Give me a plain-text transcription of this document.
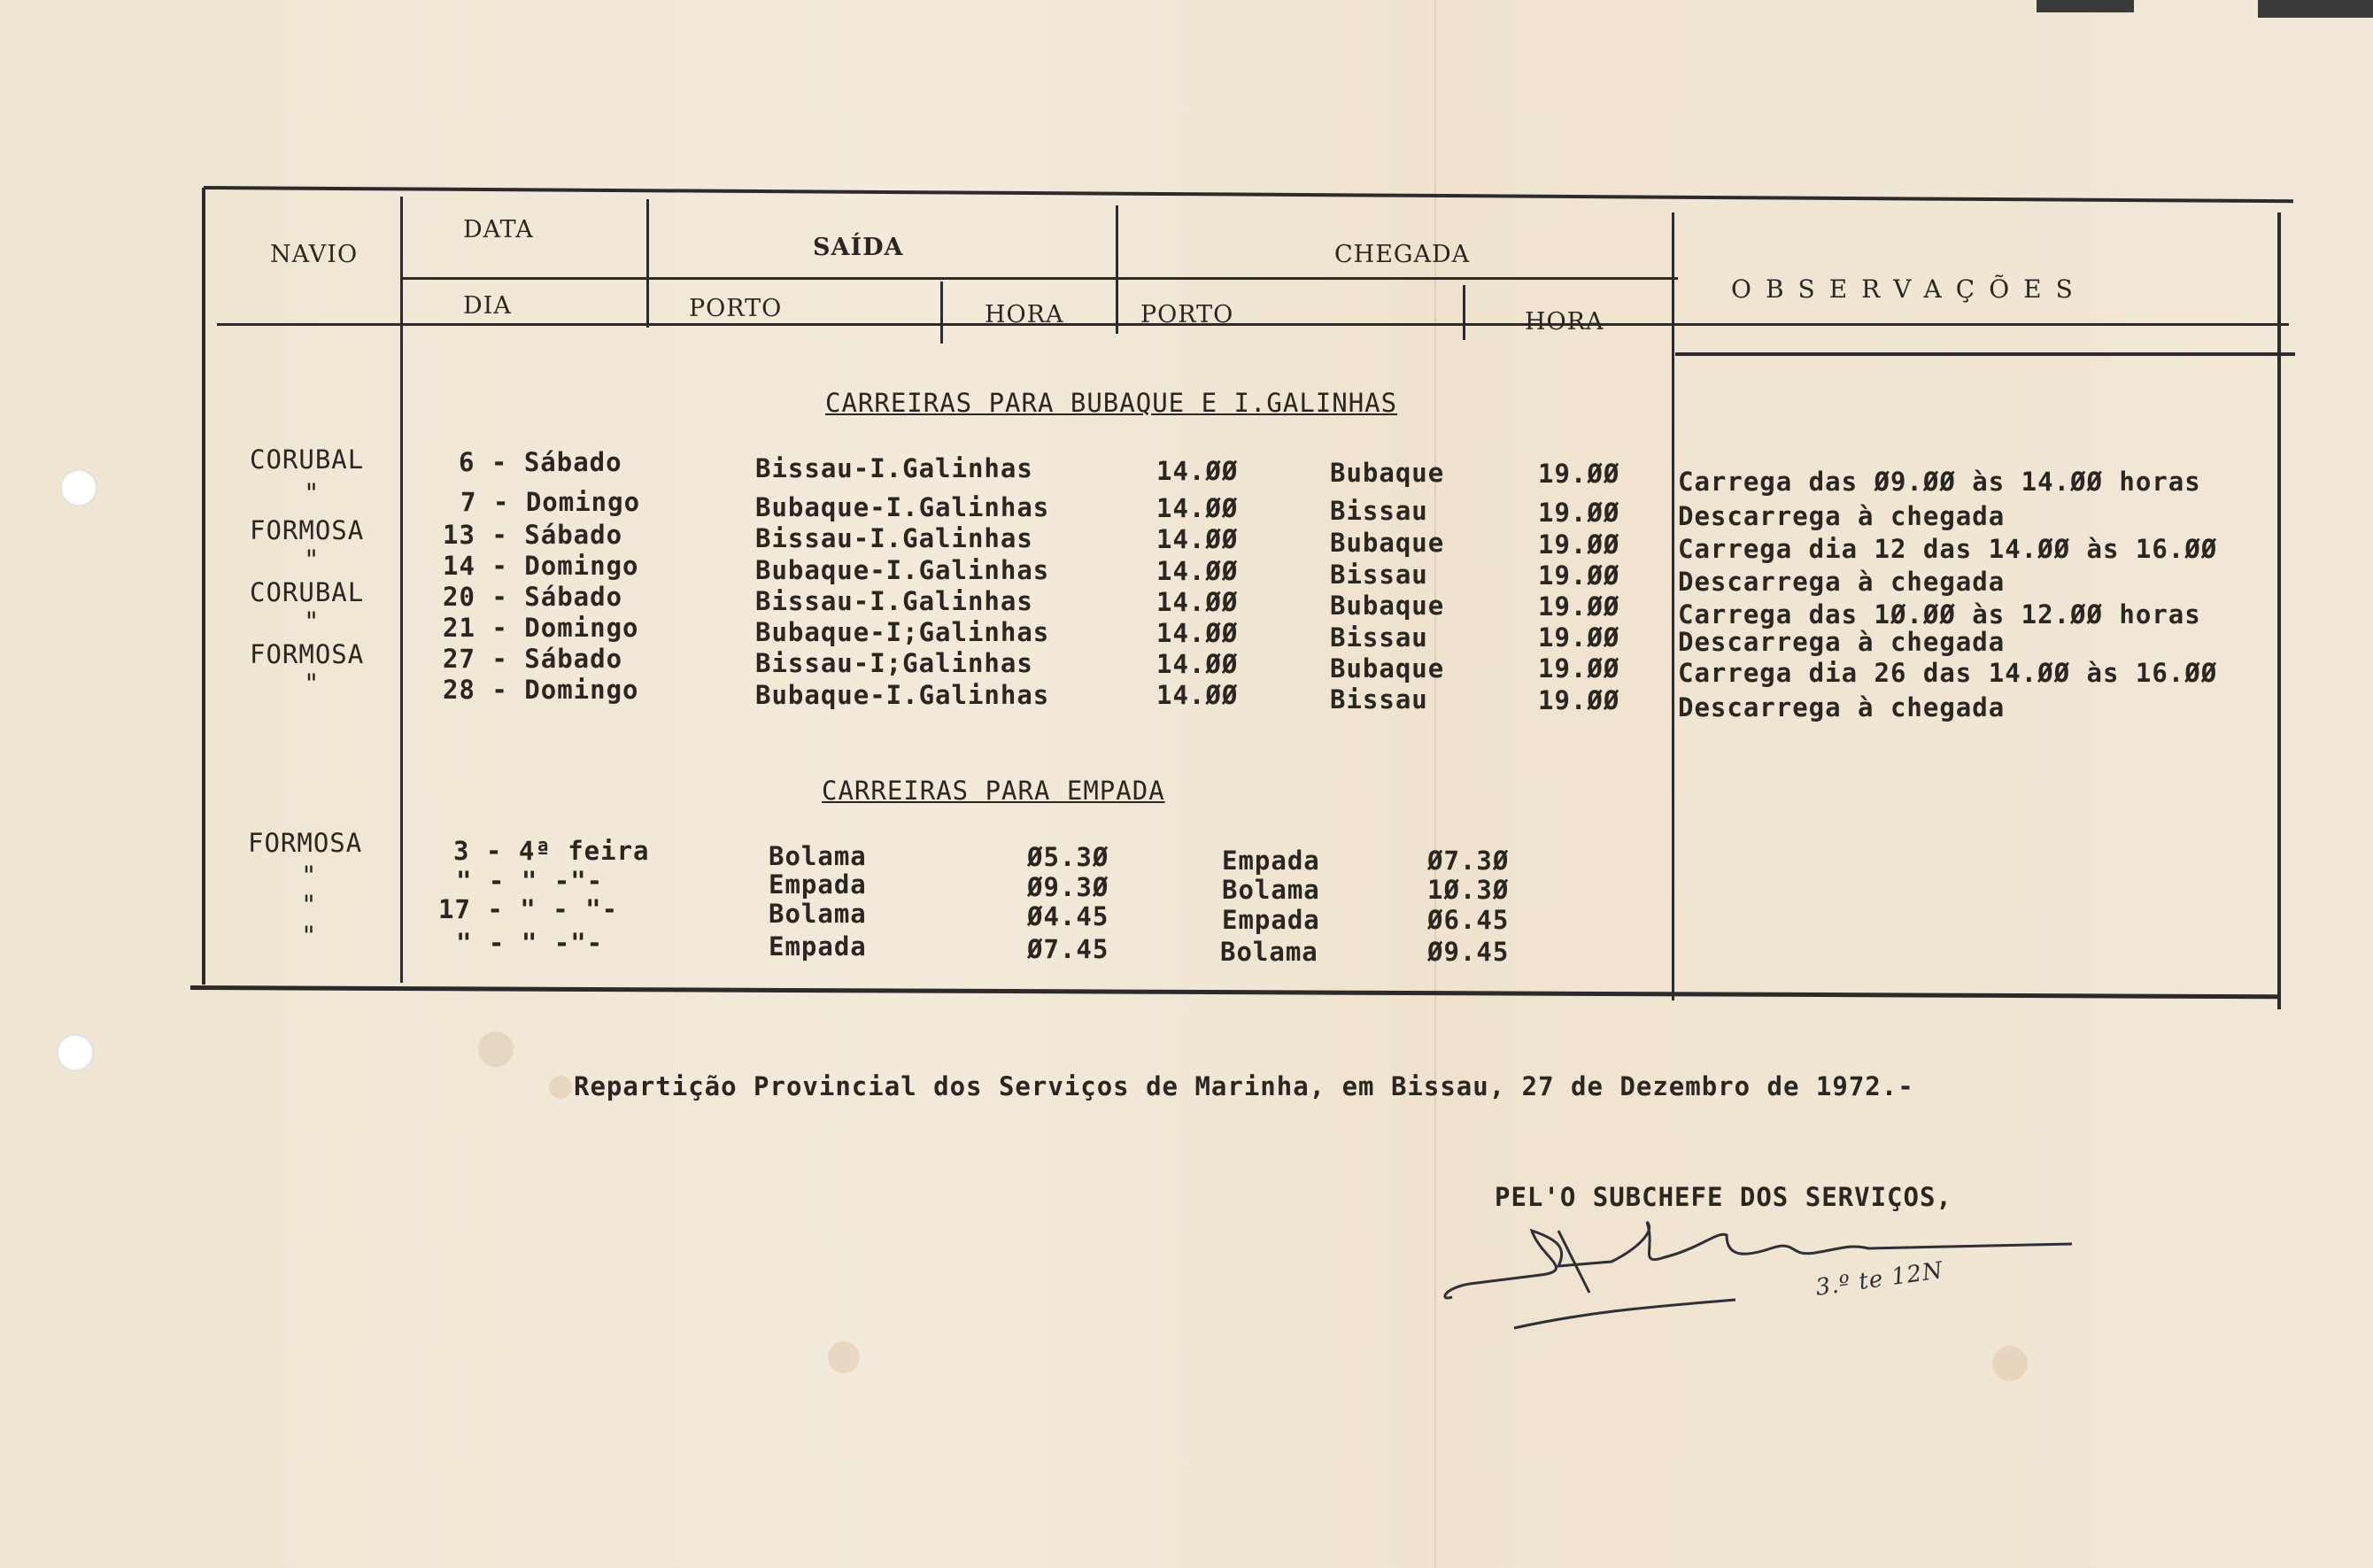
NAVIO
DATA
SAÍDA	CHEGADA
OBSERVAÇÕES
DIA	PORTO	HORA	PORTO	HORA
CARREIRAS PARA BUBAQUE E I.GALINHAS
CORUBAL	6 - Sábado	Bissau-I.Galinhas	14.ØØ	Bubaque	19.ØØ Carrega das Ø9.ØØ às 14.ØØ horas
"	7 - Domingo	Bubaque-I.Galinhas	14.ØØ	Bissau	19.ØØ Descarrega à chegada
FORMOSA	13 - Sábado	Bissau-I.Galinhas	14.ØØ	Bubaque	19.ØØ Carrega dia 12 das 14.ØØ às 16.ØØ
"	14 - Domingo	Bubaque-I.Galinhas	14.ØØ	Bissau	19.ØØ Descarrega à chegada
CORUBAL	20 - Sábado	Bissau-I.Galinhas	14.ØØ	Bubaque	19.ØØ Carrega das 1Ø.ØØ às 12.ØØ horas
"	21 - Domingo	Bubaque-I;Galinhas	14.ØØ	Bissau	19.ØØ Descarrega à chegada
FORMOSA	27 - Sábado	Bissau-I;Galinhas	14.ØØ	Bubaque	19.ØØ Carrega dia 26 das 14.ØØ às 16.ØØ
"	28 - Domingo	Bubaque-I.Galinhas	14.ØØ	Bissau	19.ØØ Descarrega à chegada
CARREIRAS PARA EMPADA
FORMOSA	3 - 4ª feira	Bolama	Ø5.3Ø	Empada	Ø7.3Ø
"	" - " -"-	Empada	Ø9.3Ø	Bolama	1Ø.3Ø
"	17 - " - "-	Bolama	Ø4.45	Empada	Ø6.45
"	" - " -"-	Empada	Ø7.45	Bolama	Ø9.45
Repartição Provincial dos Serviços de Marinha, em Bissau, 27 de Dezembro de 1972.-
PEL'O SUBCHEFE DOS SERVIÇOS,
3.º te 12N
